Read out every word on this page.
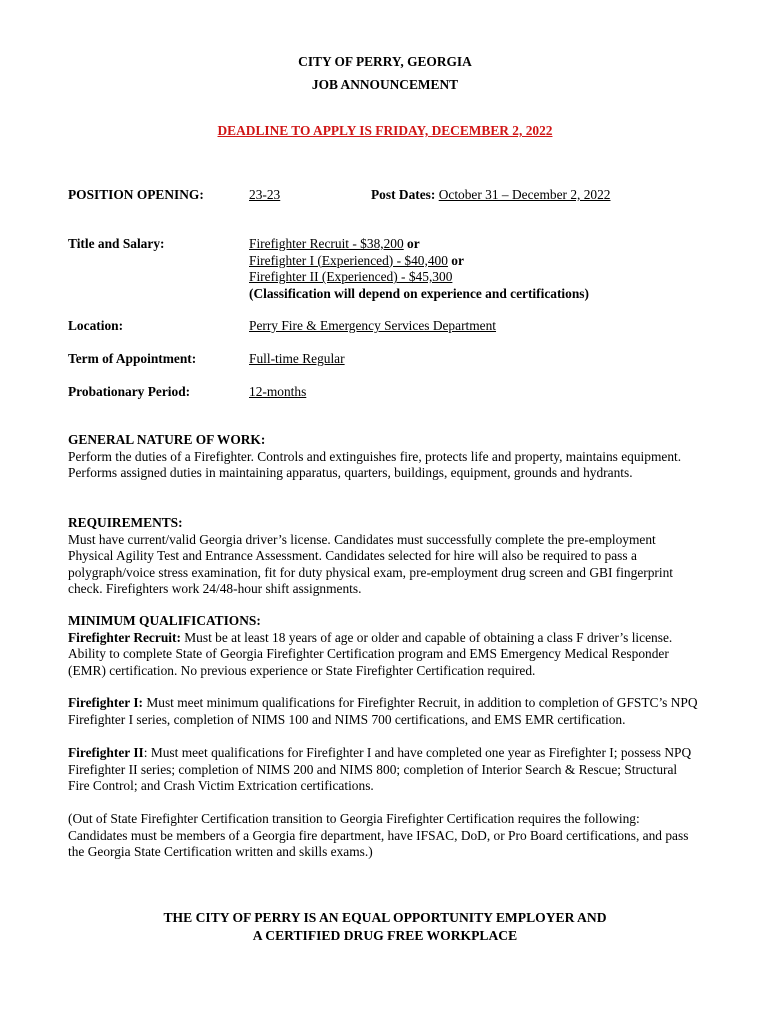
CITY OF PERRY, GEORGIA
JOB ANNOUNCEMENT
DEADLINE TO APPLY IS FRIDAY, DECEMBER 2, 2022
POSITION OPENING:	23-23	Post Dates: October 31 – December 2, 2022
Title and Salary:	Firefighter Recruit - $38,200 or
Firefighter I (Experienced) - $40,400 or
Firefighter II (Experienced) - $45,300
(Classification will depend on experience and certifications)
Location:	Perry Fire & Emergency Services Department
Term of Appointment:	Full-time Regular
Probationary Period:	12-months

GENERAL NATURE OF WORK:

Perform the duties of a Firefighter. Controls and extinguishes fire, protects life and property, maintains equipment. Performs assigned duties in maintaining apparatus, quarters, buildings, equipment, grounds and hydrants.

REQUIREMENTS:

Must have current/valid Georgia driver’s license. Candidates must successfully complete the pre-employment Physical Agility Test and Entrance Assessment. Candidates selected for hire will also be required to pass a polygraph/voice stress examination, fit for duty physical exam, pre-employment drug screen and GBI fingerprint check. Firefighters work 24/48-hour shift assignments.

MINIMUM QUALIFICATIONS:

Firefighter Recruit: Must be at least 18 years of age or older and capable of obtaining a class F driver’s license. Ability to complete State of Georgia Firefighter Certification program and EMS Emergency Medical Responder (EMR) certification. No previous experience or State Firefighter Certification required.

Firefighter I: Must meet minimum qualifications for Firefighter Recruit, in addition to completion of GFSTC’s NPQ Firefighter I series, completion of NIMS 100 and NIMS 700 certifications, and EMS EMR certification.

Firefighter II: Must meet qualifications for Firefighter I and have completed one year as Firefighter I; possess NPQ Firefighter II series; completion of NIMS 200 and NIMS 800; completion of Interior Search & Rescue; Structural Fire Control; and Crash Victim Extrication certifications.

(Out of State Firefighter Certification transition to Georgia Firefighter Certification requires the following: Candidates must be members of a Georgia fire department, have IFSAC, DoD, or Pro Board certifications, and pass the Georgia State Certification written and skills exams.)

THE CITY OF PERRY IS AN EQUAL OPPORTUNITY EMPLOYER AND
A CERTIFIED DRUG FREE WORKPLACE
